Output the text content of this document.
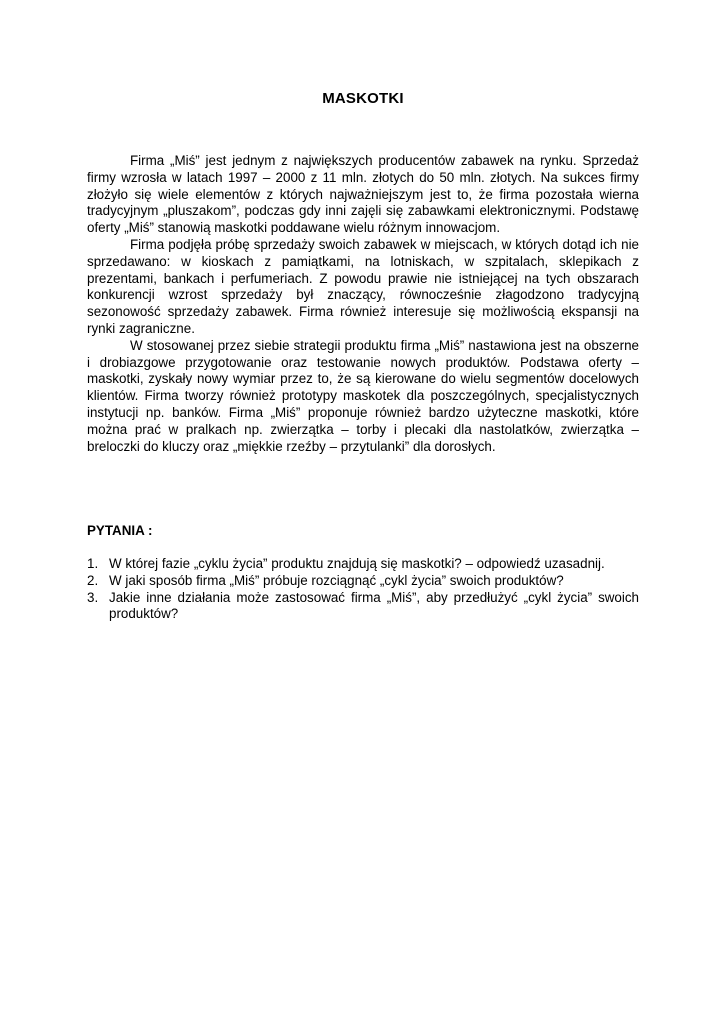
MASKOTKI

Firma „Miś” jest jednym z największych producentów zabawek na rynku. Sprzedaż firmy wzrosła w latach 1997 – 2000 z 11 mln. złotych do 50 mln. złotych. Na sukces firmy złożyło się wiele elementów z których najważniejszym jest to, że firma pozostała wierna tradycyjnym „pluszakom”, podczas gdy inni zajęli się zabawkami elektronicznymi. Podstawę oferty „Miś” stanowią maskotki poddawane wielu różnym innowacjom.

Firma podjęła próbę sprzedaży swoich zabawek w miejscach, w których dotąd ich nie sprzedawano: w kioskach z pamiątkami, na lotniskach, w szpitalach, sklepikach z prezentami, bankach i perfumeriach. Z powodu prawie nie istniejącej na tych obszarach konkurencji wzrost sprzedaży był znaczący, równocześnie złagodzono tradycyjną sezonowość sprzedaży zabawek. Firma również interesuje się możliwością ekspansji na rynki zagraniczne.

W stosowanej przez siebie strategii produktu firma „Miś” nastawiona jest na obszerne i drobiazgowe przygotowanie oraz testowanie nowych produktów. Podstawa oferty – maskotki, zyskały nowy wymiar przez to, że są kierowane do wielu segmentów docelowych klientów. Firma tworzy również prototypy maskotek dla poszczególnych, specjalistycznych instytucji np. banków. Firma „Miś” proponuje również bardzo użyteczne maskotki, które można prać w pralkach np. zwierzątka – torby i plecaki dla nastolatków, zwierzątka – breloczki do kluczy oraz „miękkie rzeźby – przytulanki” dla dorosłych.

PYTANIA :
1. W której fazie „cyklu życia” produktu znajdują się maskotki? – odpowiedź uzasadnij.
2. W jaki sposób firma „Miś” próbuje rozciągnąć „cykl życia” swoich produktów?
3. Jakie inne działania może zastosować firma „Miś”, aby przedłużyć „cykl życia” swoich produktów?
